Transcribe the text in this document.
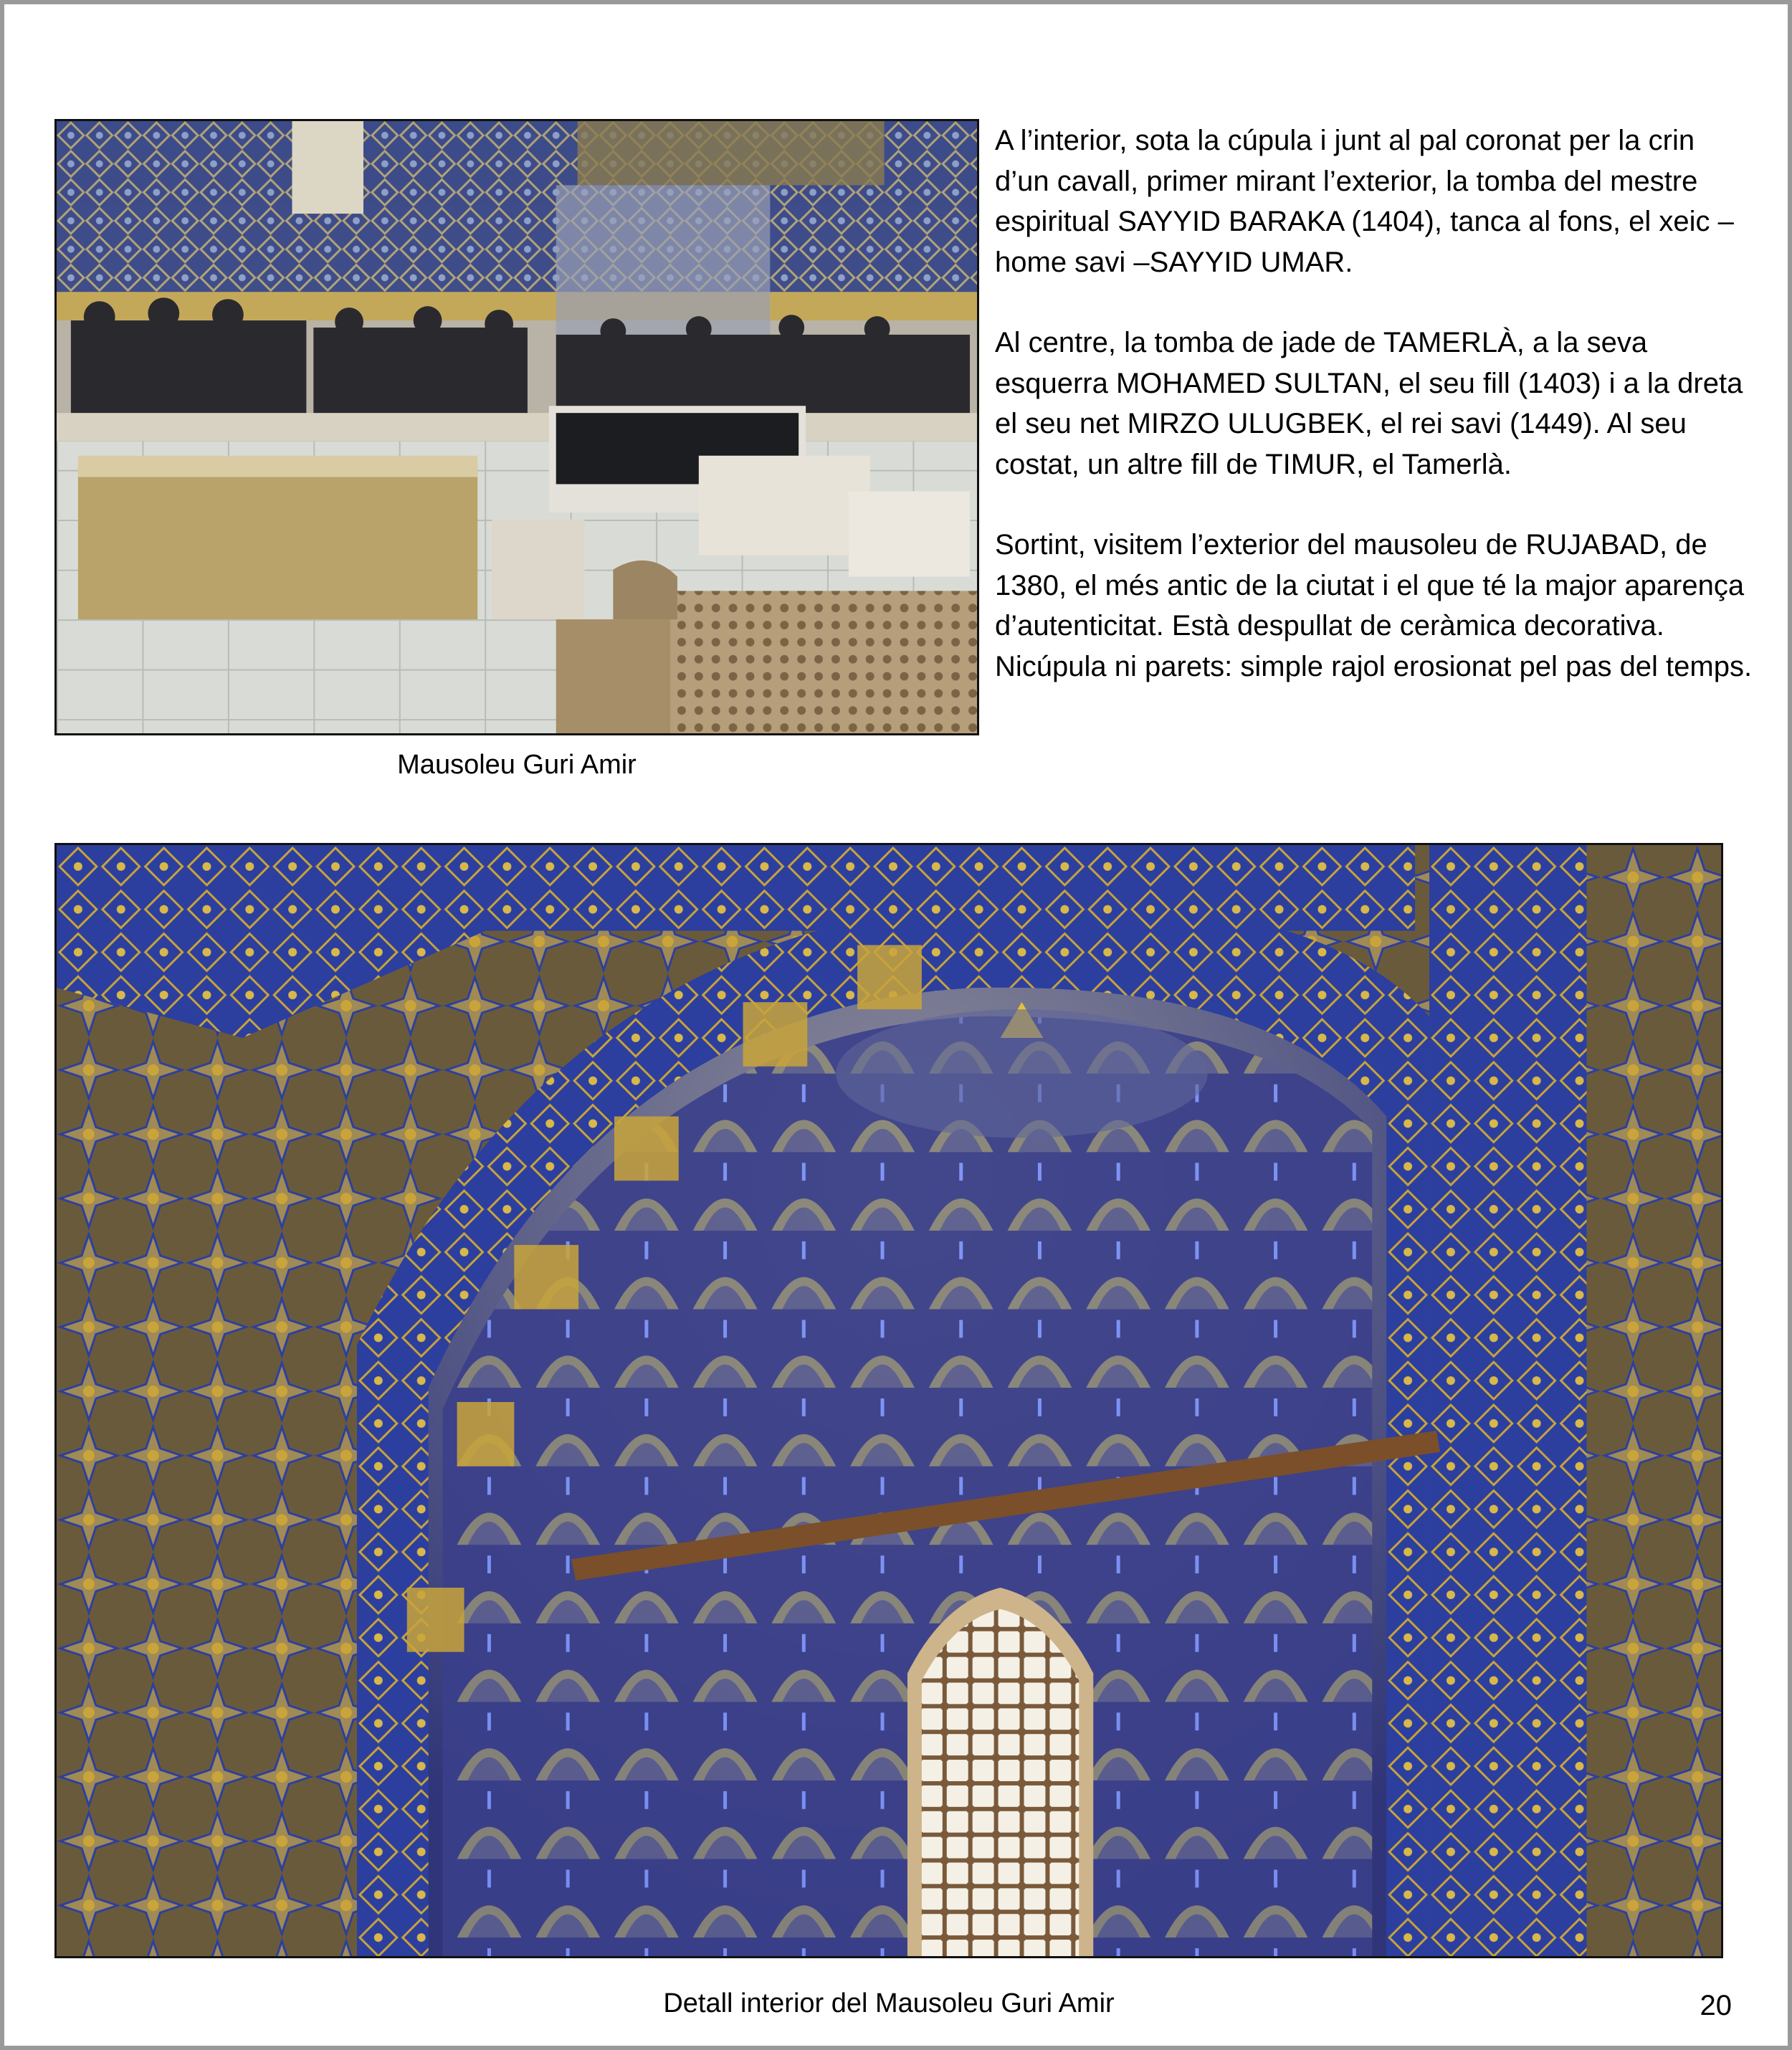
Mausoleu Guri Amir

A l’interior, sota la cúpula i junt al pal coronat per la crin d’un cavall, primer mirant l’exterior, la tomba del mestre espiritual SAYYID BARAKA (1404), tanca al fons, el xeic – home savi –SAYYID UMAR.

Al centre, la tomba de jade de TAMERLÀ, a la seva esquerra MOHAMED SULTAN, el seu fill (1403) i a la dreta el seu net MIRZO ULUGBEK, el rei savi (1449). Al seu costat, un altre fill de TIMUR, el Tamerlà.

Sortint, visitem l’exterior del mausoleu de RUJABAD, de 1380, el més antic de la ciutat i el que té la major aparença d’autenticitat. Està despullat de ceràmica decorativa. Nicúpula ni parets: simple rajol erosionat pel pas del temps.

Detall interior del Mausoleu Guri Amir	20
